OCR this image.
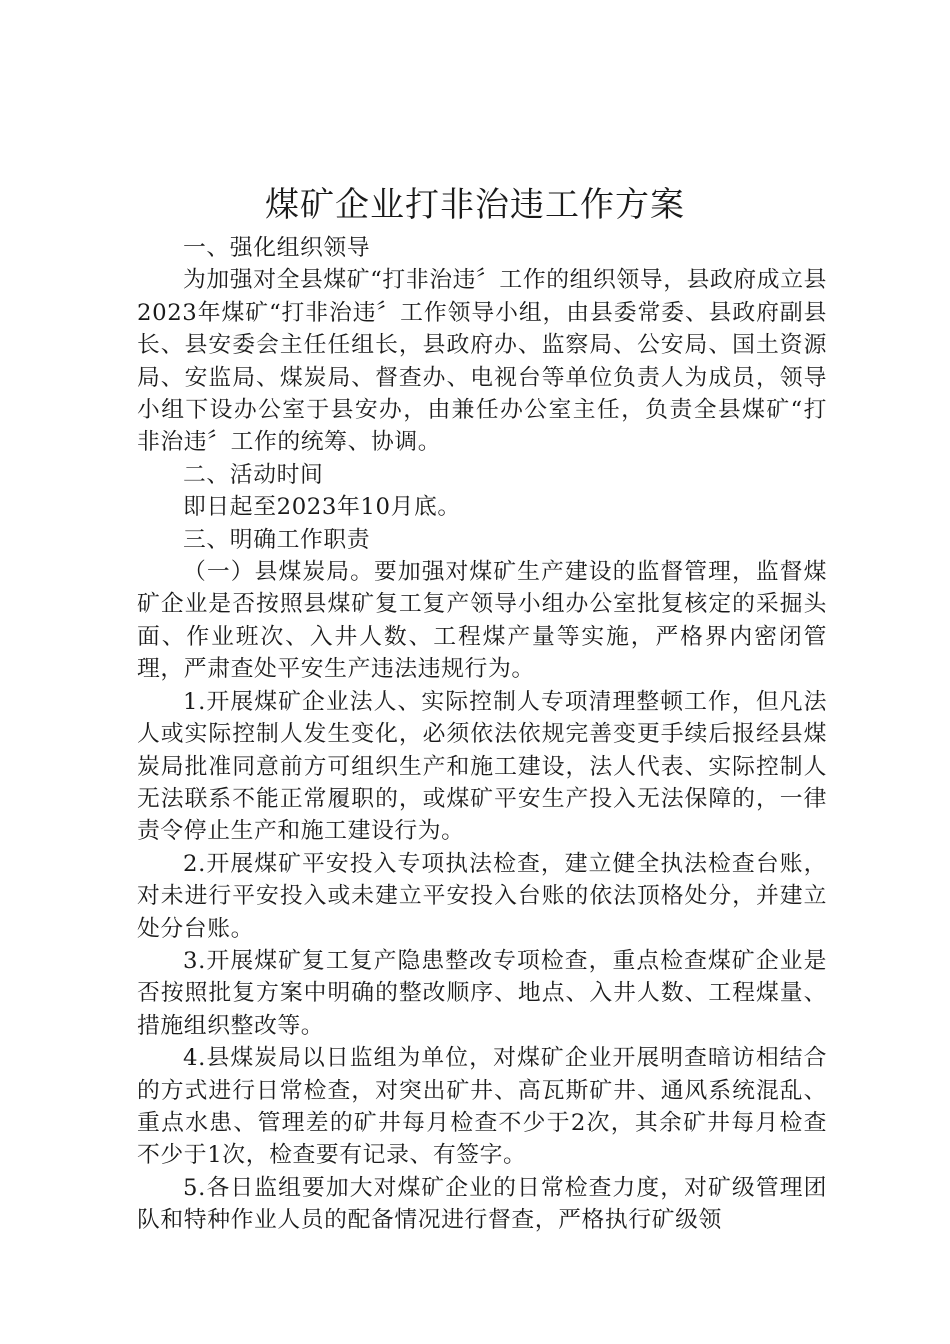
煤矿企业打非治违工作方案

一、强化组织领导

为加强对全县煤矿“打非治违〞工作的组织领导，县政府成立县2023年煤矿“打非治违〞工作领导小组，由县委常委、县政府副县长、县安委会主任任组长，县政府办、监察局、公安局、国土资源局、安监局、煤炭局、督查办、电视台等单位负责人为成员，领导小组下设办公室于县安办，由兼任办公室主任，负责全县煤矿“打非治违〞工作的统筹、协调。

二、活动时间

即日起至2023年10月底。

三、明确工作职责

（一）县煤炭局。要加强对煤矿生产建设的监督管理，监督煤矿企业是否按照县煤矿复工复产领导小组办公室批复核定的采掘头面、作业班次、入井人数、工程煤产量等实施，严格界内密闭管理，严肃查处平安生产违法违规行为。

1.开展煤矿企业法人、实际控制人专项清理整顿工作，但凡法人或实际控制人发生变化，必须依法依规完善变更手续后报经县煤炭局批准同意前方可组织生产和施工建设，法人代表、实际控制人无法联系不能正常履职的，或煤矿平安生产投入无法保障的，一律责令停止生产和施工建设行为。

2.开展煤矿平安投入专项执法检查，建立健全执法检查台账，对未进行平安投入或未建立平安投入台账的依法顶格处分，并建立处分台账。

3.开展煤矿复工复产隐患整改专项检查，重点检查煤矿企业是否按照批复方案中明确的整改顺序、地点、入井人数、工程煤量、措施组织整改等。

4.县煤炭局以日监组为单位，对煤矿企业开展明查暗访相结合的方式进行日常检查，对突出矿井、高瓦斯矿井、通风系统混乱、重点水患、管理差的矿井每月检查不少于2次，其余矿井每月检查不少于1次，检查要有记录、有签字。

5.各日监组要加大对煤矿企业的日常检查力度，对矿级管理团队和特种作业人员的配备情况进行督查，严格执行矿级领
